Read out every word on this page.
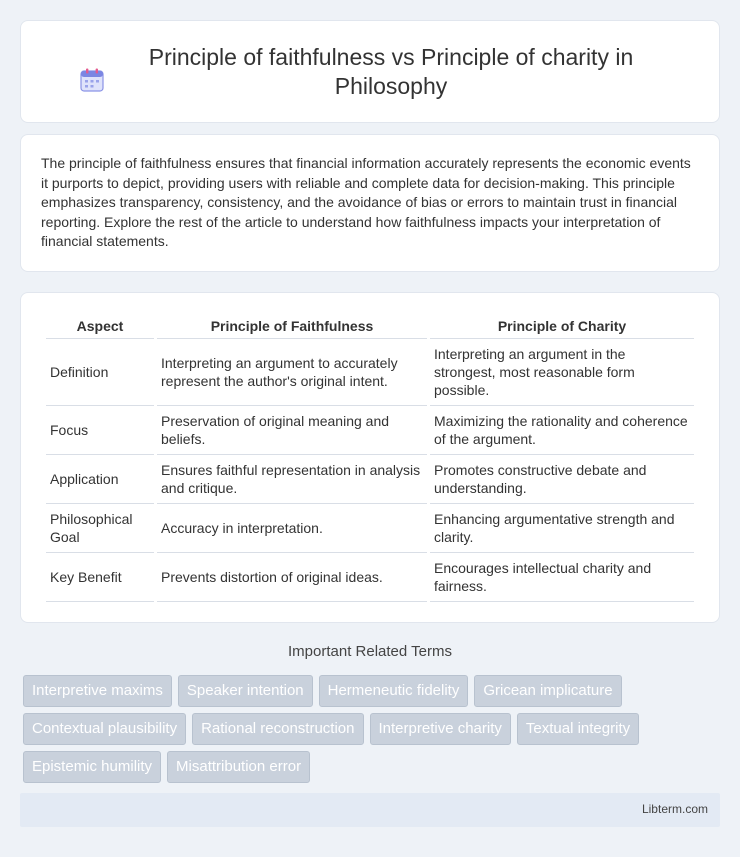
Principle of faithfulness vs Principle of charity in Philosophy

The principle of faithfulness ensures that financial information accurately represents the economic events it purports to depict, providing users with reliable and complete data for decision-making. This principle emphasizes transparency, consistency, and the avoidance of bias or errors to maintain trust in financial reporting. Explore the rest of the article to understand how faithfulness impacts your interpretation of financial statements.

Aspect	Principle of Faithfulness	Principle of Charity
Definition	Interpreting an argument to accurately represent the author's original intent.	Interpreting an argument in the strongest, most reasonable form possible.
Focus	Preservation of original meaning and beliefs.	Maximizing the rationality and coherence of the argument.
Application	Ensures faithful representation in analysis and critique.	Promotes constructive debate and understanding.
Philosophical Goal	Accuracy in interpretation.	Enhancing argumentative strength and clarity.
Key Benefit	Prevents distortion of original ideas.	Encourages intellectual charity and fairness.
Important Related Terms
Interpretive maxims	Speaker intention	Hermeneutic fidelity	Gricean implicature
Contextual plausibility	Rational reconstruction	Interpretive charity	Textual integrity
Epistemic humility	Misattribution error
Libterm.com
